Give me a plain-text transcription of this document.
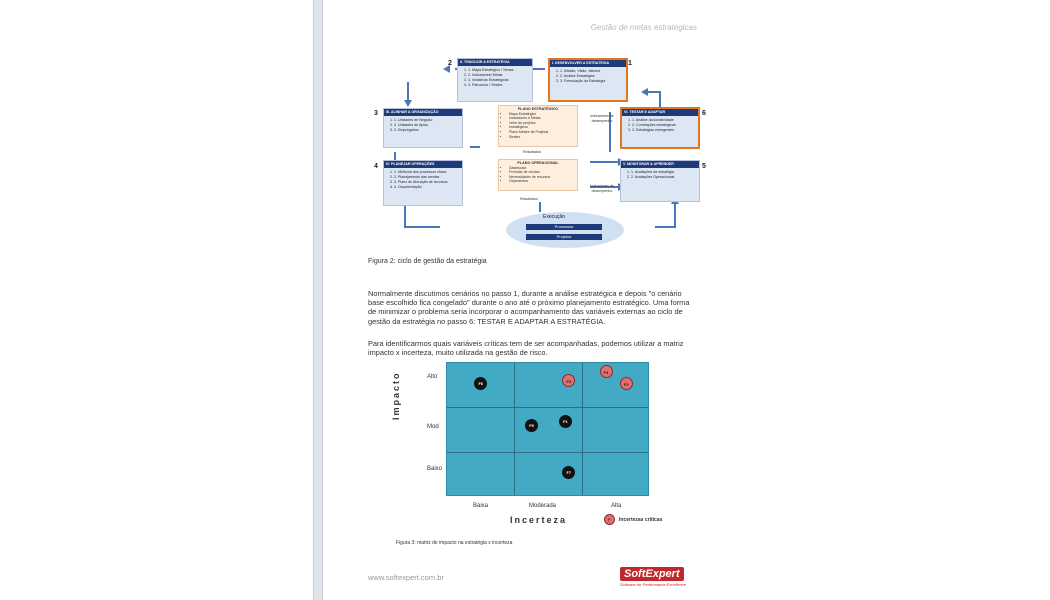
Gestão de metas estratégicas
2	II. TRADUZIR A ESTRATÉGIA
1. 1. Mapa Estratégico / Temas
2. 2. Indicadores/ Metas
3. 3. Iniciativas Estratégicas
4. 4. Patrocínio / Stratex
1
I. DESENVOLVER A ESTRATÉGIA
1. 1. Missão, Visão, Valores
2. 2. Análise Estratégica
3. 3. Formulação da Estratégia
3	III. ALINHAR A ORGANIZAÇÃO
1. 1. Unidades de Negócio
2. 2. Unidades de Apoio
3. 3. Empregados
4	IV. PLANEJAR OPERAÇÕES
1. 1. Melhoria dos processos chave
2. 2. Planejamento das vendas
3. 3. Plano de Alocação de recursos
4. 4. Orçamentação
6
VI. TESTAR E ADAPTAR
1. 1. Análise da lucratividade
2. 2. Correlações estratégicas
3. 3. Estratégias emergentes
5
V. MONITORAR & APRENDER
1. 1. Avaliações da estratégia
2. 2. Avaliações Operacionais
PLANO ESTRATÉGICO
• Mapa Estratégico
• Indicadores e Metas
• Vetor de projetos
• estratégicos
• Plano Mestre de Projetos
• Stratex
Resultados
PLANO OPERACIONAL
• Dashboard
• Previsão de vendas
• Necessidades de recursos
• Orçamentos
Resultados
Indicadores de desempenho
Indicadores de desempenho
Execução
Processos
Projetos
Figura 2: ciclo de gestão da estratégia
Normalmente discutimos cenários no passo 1, durante a análise estratégica e depois "o cenário base escolhido fica congelado" durante o ano até o próximo planejamento estratégico. Uma forma de minimizar o problema seria incorporar o acompanhamento das variáveis externas ao ciclo de gestão da estratégia no passo 6: TESTAR E ADAPTAR A ESTRATÉGIA.
Para identificarmos quais variáveis críticas tem de ser acompanhadas, podemos utilizar a matriz impacto x incerteza, muito utilizada na gestão de risco.
Impacto	Alto
Mod
Baixo
F6	F3
F4
F2
F1
F5
F7
Baixa	Moderada	Alta
Incerteza	F	Incertezas críticas
Figura 3: matriz de impacto na estratégia x incerteza
www.softexpert.com.br	SoftExpert
Software for Performance Excellence
